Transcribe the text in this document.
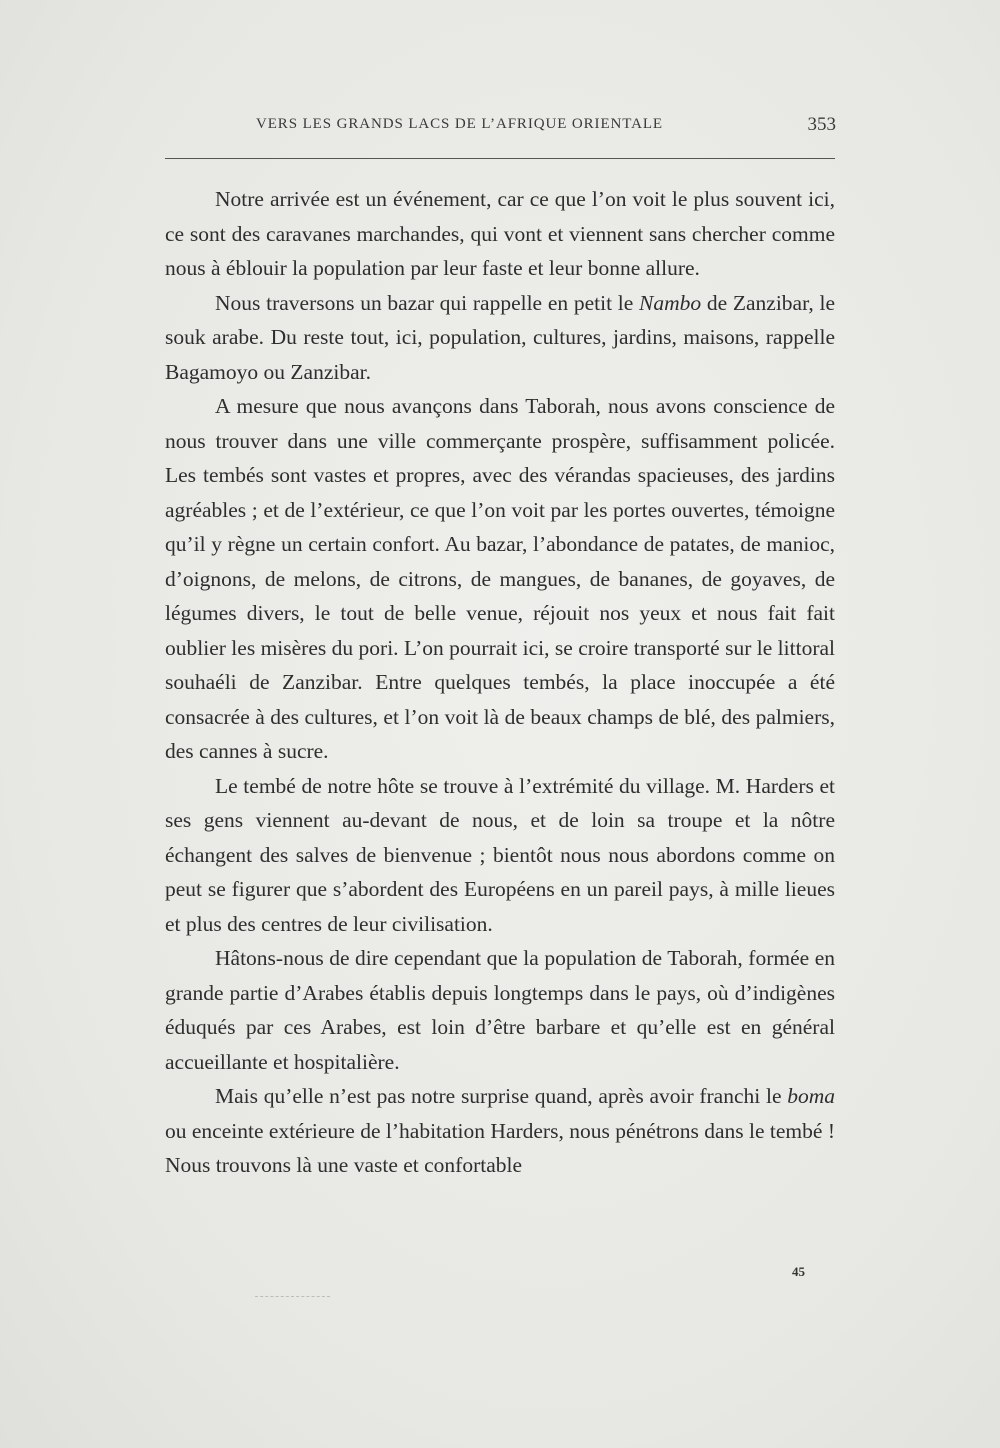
VERS LES GRANDS LACS DE L’AFRIQUE ORIENTALE	353

Notre arrivée est un événement, car ce que l’on voit le plus souvent ici, ce sont des caravanes marchandes, qui vont et viennent sans chercher comme nous à éblouir la population par leur faste et leur bonne allure.

Nous traversons un bazar qui rappelle en petit le Nambo de Zanzibar, le souk arabe. Du reste tout, ici, population, cultures, jardins, maisons, rappelle Bagamoyo ou Zanzibar.

A mesure que nous avançons dans Taborah, nous avons conscience de nous trouver dans une ville commerçante prospère, suffisamment policée. Les tembés sont vastes et propres, avec des vérandas spacieuses, des jardins agréables ; et de l’extérieur, ce que l’on voit par les portes ouvertes, témoigne qu’il y règne un certain confort. Au bazar, l’abondance de patates, de manioc, d’oignons, de melons, de citrons, de mangues, de bananes, de goyaves, de légumes divers, le tout de belle venue, réjouit nos yeux et nous fait fait oublier les misères du pori. L’on pourrait ici, se croire transporté sur le littoral souhaéli de Zanzibar. Entre quelques tembés, la place inoccupée a été consacrée à des cultures, et l’on voit là de beaux champs de blé, des palmiers, des cannes à sucre.

Le tembé de notre hôte se trouve à l’extrémité du village. M. Harders et ses gens viennent au-devant de nous, et de loin sa troupe et la nôtre échangent des salves de bienvenue ; bientôt nous nous abordons comme on peut se figurer que s’abordent des Européens en un pareil pays, à mille lieues et plus des centres de leur civilisation.

Hâtons-nous de dire cependant que la population de Taborah, formée en grande partie d’Arabes établis depuis longtemps dans le pays, où d’indigènes éduqués par ces Arabes, est loin d’être barbare et qu’elle est en général accueillante et hospitalière.

Mais qu’elle n’est pas notre surprise quand, après avoir franchi le boma ou enceinte extérieure de l’habitation Harders, nous pénétrons dans le tembé ! Nous trouvons là une vaste et confortable

45
